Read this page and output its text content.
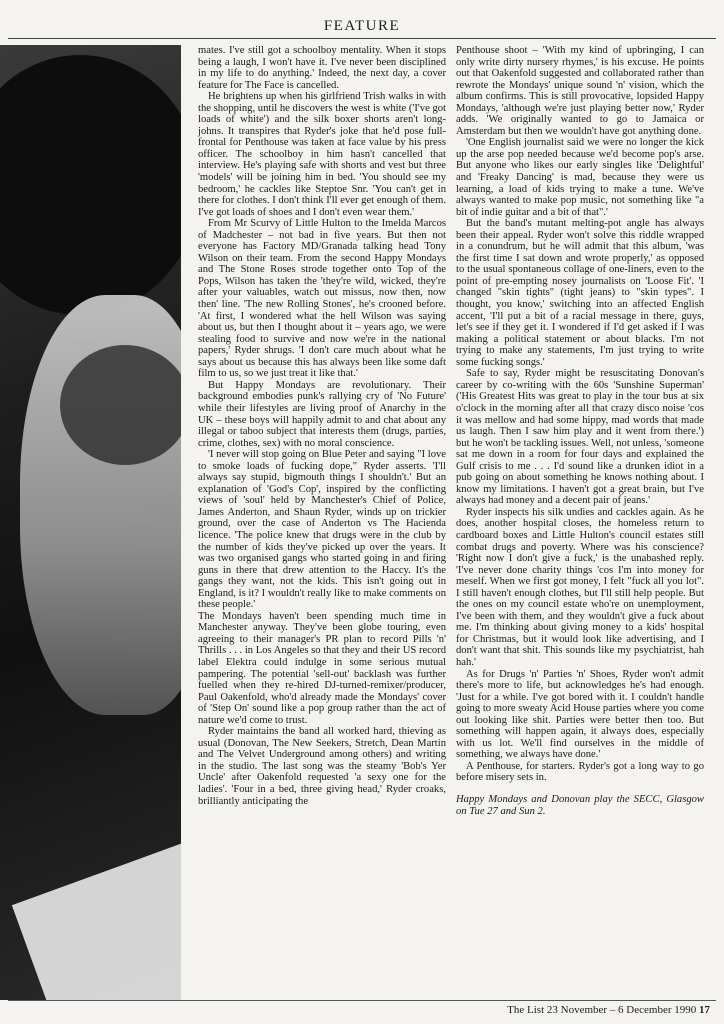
FEATURE

mates. I've still got a schoolboy mentality. When it stops being a laugh, I won't have it. I've never been disciplined in my life to do anything.' Indeed, the next day, a cover feature for The Face is cancelled.

He brightens up when his girlfriend Trish walks in with the shopping, until he discovers the west is white ('I've got loads of white') and the silk boxer shorts aren't long-johns. It transpires that Ryder's joke that he'd pose full-frontal for Penthouse was taken at face value by his press officer. The schoolboy in him hasn't cancelled that interview. He's playing safe with shorts and vest but three 'models' will be joining him in bed. 'You should see my bedroom,' he cackles like Steptoe Snr. 'You can't get in there for clothes. I don't think I'll ever get enough of them. I've got loads of shoes and I don't even wear them.'

From Mr Scurvy of Little Hulton to the Imelda Marcos of Madchester – not bad in five years. But then not everyone has Factory MD/Granada talking head Tony Wilson on their team. From the second Happy Mondays and The Stone Roses strode together onto Top of the Pops, Wilson has taken the 'they're wild, wicked, they're after your valuables, watch out missus, now then, now then' line. 'The new Rolling Stones', he's crooned before. 'At first, I wondered what the hell Wilson was saying about us, but then I thought about it – years ago, we were stealing food to survive and now we're in the national papers,' Ryder shrugs. 'I don't care much about what he says about us because this has always been like some daft film to us, so we just treat it like that.'

But Happy Mondays are revolutionary. Their background embodies punk's rallying cry of 'No Future' while their lifestyles are living proof of Anarchy in the UK – these boys will happily admit to and chat about any illegal or taboo subject that interests them (drugs, parties, crime, clothes, sex) with no moral conscience.

'I never will stop going on Blue Peter and saying "I love to smoke loads of fucking dope," Ryder asserts. 'I'll always say stupid, bigmouth things I shouldn't.' But an explanation of 'God's Cop', inspired by the conflicting views of 'soul' held by Manchester's Chief of Police, James Anderton, and Shaun Ryder, winds up on trickier ground, over the case of Anderton vs The Hacienda licence. 'The police knew that drugs were in the club by the number of kids they've picked up over the years. It was two organised gangs who started going in and firing guns in there that drew attention to the Haccy. It's the gangs they want, not the kids. This isn't going out in England, is it? I wouldn't really like to make comments on these people.'

The Mondays haven't been spending much time in Manchester anyway. They've been globe touring, even agreeing to their manager's PR plan to record Pills 'n' Thrills . . . in Los Angeles so that they and their US record label Elektra could indulge in some serious mutual pampering. The potential 'sell-out' backlash was further fuelled when they re-hired DJ-turned-remixer/producer, Paul Oakenfold, who'd already made the Mondays' cover of 'Step On' sound like a pop group rather than the act of nature we'd come to trust.

Ryder maintains the band all worked hard, thieving as usual (Donovan, The New Seekers, Stretch, Dean Martin and The Velvet Underground among others) and writing in the studio. The last song was the steamy 'Bob's Yer Uncle' after Oakenfold requested 'a sexy one for the ladies'. 'Four in a bed, three giving head,' Ryder croaks, brilliantly anticipating the

Penthouse shoot – 'With my kind of upbringing, I can only write dirty nursery rhymes,' is his excuse. He points out that Oakenfold suggested and collaborated rather than rewrote the Mondays' unique sound 'n' vision, which the album confirms. This is still provocative, lopsided Happy Mondays, 'although we're just playing better now,' Ryder adds. 'We originally wanted to go to Jamaica or Amsterdam but then we wouldn't have got anything done.

'One English journalist said we were no longer the kick up the arse pop needed because we'd become pop's arse. But anyone who likes our early singles like 'Delightful' and 'Freaky Dancing' is mad, because they were us learning, a load of kids trying to make a tune. We've always wanted to make pop music, not something like "a bit of indie guitar and a bit of that".'

But the band's mutant melting-pot angle has always been their appeal. Ryder won't solve this riddle wrapped in a conundrum, but he will admit that this album, 'was the first time I sat down and wrote properly,' as opposed to the usual spontaneous collage of one-liners, even to the point of pre-empting nosey journalists on 'Loose Fit'. 'I changed "skin tights" (tight jeans) to "skin types". I thought, you know,' switching into an affected English accent, 'I'll put a bit of a racial message in there, guys, let's see if they get it. I wondered if I'd get asked if I was making a political statement or about blacks. I'm not trying to make any statements, I'm just trying to write some fucking songs.'

Safe to say, Ryder might be resuscitating Donovan's career by co-writing with the 60s 'Sunshine Superman' ('His Greatest Hits was great to play in the tour bus at six o'clock in the morning after all that crazy disco noise 'cos it was mellow and had some hippy, mad words that made us laugh. Then I saw him play and it went from there.') but he won't be tackling issues. Well, not unless, 'someone sat me down in a room for four days and explained the Gulf crisis to me . . . I'd sound like a drunken idiot in a pub going on about something he knows nothing about. I know my limitations. I haven't got a great brain, but I've always had money and a decent pair of jeans.'

Ryder inspects his silk undies and cackles again. As he does, another hospital closes, the homeless return to cardboard boxes and Little Hulton's council estates still combat drugs and poverty. Where was his conscience? 'Right now I don't give a fuck,' is the unabashed reply. 'I've never done charity things 'cos I'm into money for meself. When we first got money, I felt "fuck all you lot". I still haven't enough clothes, but I'll still help people. But the ones on my council estate who're on unemployment, I've been with them, and they wouldn't give a fuck about me. I'm thinking about giving money to a kids' hospital for Christmas, but it would look like advertising, and I don't want that shit. This sounds like my psychiatrist, hah hah.'

As for Drugs 'n' Parties 'n' Shoes, Ryder won't admit there's more to life, but acknowledges he's had enough. 'Just for a while. I've got bored with it. I couldn't handle going to more sweaty Acid House parties where you come out looking like shit. Parties were better then too. But something will happen again, it always does, especially with us lot. We'll find ourselves in the middle of something, we always have done.'

A Penthouse, for starters. Ryder's got a long way to go before misery sets in.

Happy Mondays and Donovan play the SECC, Glasgow on Tue 27 and Sun 2.

The List 23 November – 6 December 1990 17
